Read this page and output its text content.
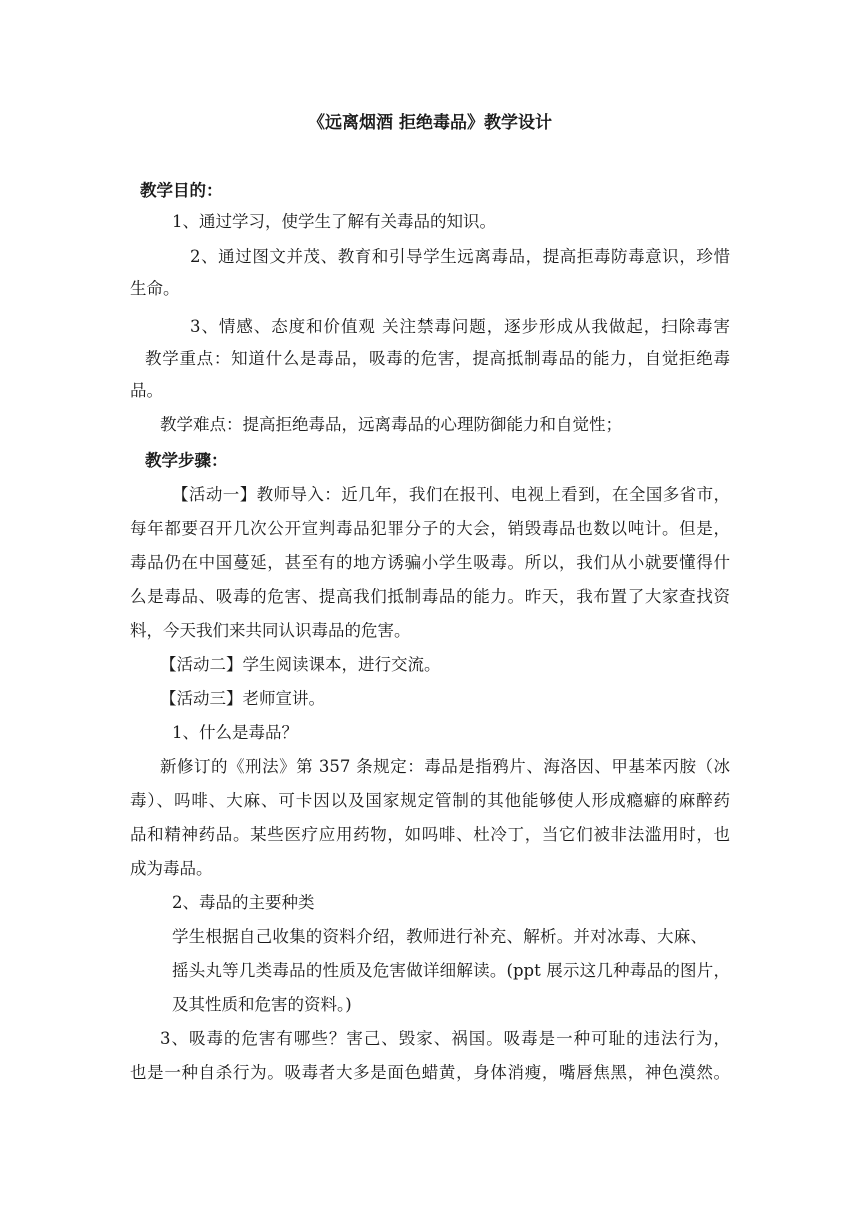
《远离烟酒 拒绝毒品》教学设计
教学目的：
1、通过学习，使学生了解有关毒品的知识。
2、通过图文并茂、教育和引导学生远离毒品，提高拒毒防毒意识，珍惜
生命。
3、情感、态度和价值观 关注禁毒问题，逐步形成从我做起，扫除毒害
教学重点：知道什么是毒品，吸毒的危害，提高抵制毒品的能力，自觉拒绝毒
品。
教学难点：提高拒绝毒品，远离毒品的心理防御能力和自觉性；
教学步骤：
【活动一】教师导入：近几年，我们在报刊、电视上看到，在全国多省市，
每年都要召开几次公开宣判毒品犯罪分子的大会，销毁毒品也数以吨计。但是，
毒品仍在中国蔓延，甚至有的地方诱骗小学生吸毒。所以，我们从小就要懂得什
么是毒品、吸毒的危害、提高我们抵制毒品的能力。昨天，我布置了大家查找资
料，今天我们来共同认识毒品的危害。
【活动二】学生阅读课本，进行交流。
【活动三】老师宣讲。
1、什么是毒品？
新修订的《刑法》第 357 条规定：毒品是指鸦片、海洛因、甲基苯丙胺（冰
毒）、吗啡、大麻、可卡因以及国家规定管制的其他能够使人形成瘾癖的麻醉药
品和精神药品。某些医疗应用药物，如吗啡、杜冷丁，当它们被非法滥用时，也
成为毒品。
2、毒品的主要种类
学生根据自己收集的资料介绍，教师进行补充、解析。并对冰毒、大麻、
摇头丸等几类毒品的性质及危害做详细解读。(ppt 展示这几种毒品的图片，
及其性质和危害的资料。)
3、吸毒的危害有哪些？害己、毁家、祸国。吸毒是一种可耻的违法行为，
也是一种自杀行为。吸毒者大多是面色蜡黄，身体消瘦，嘴唇焦黑，神色漠然。
